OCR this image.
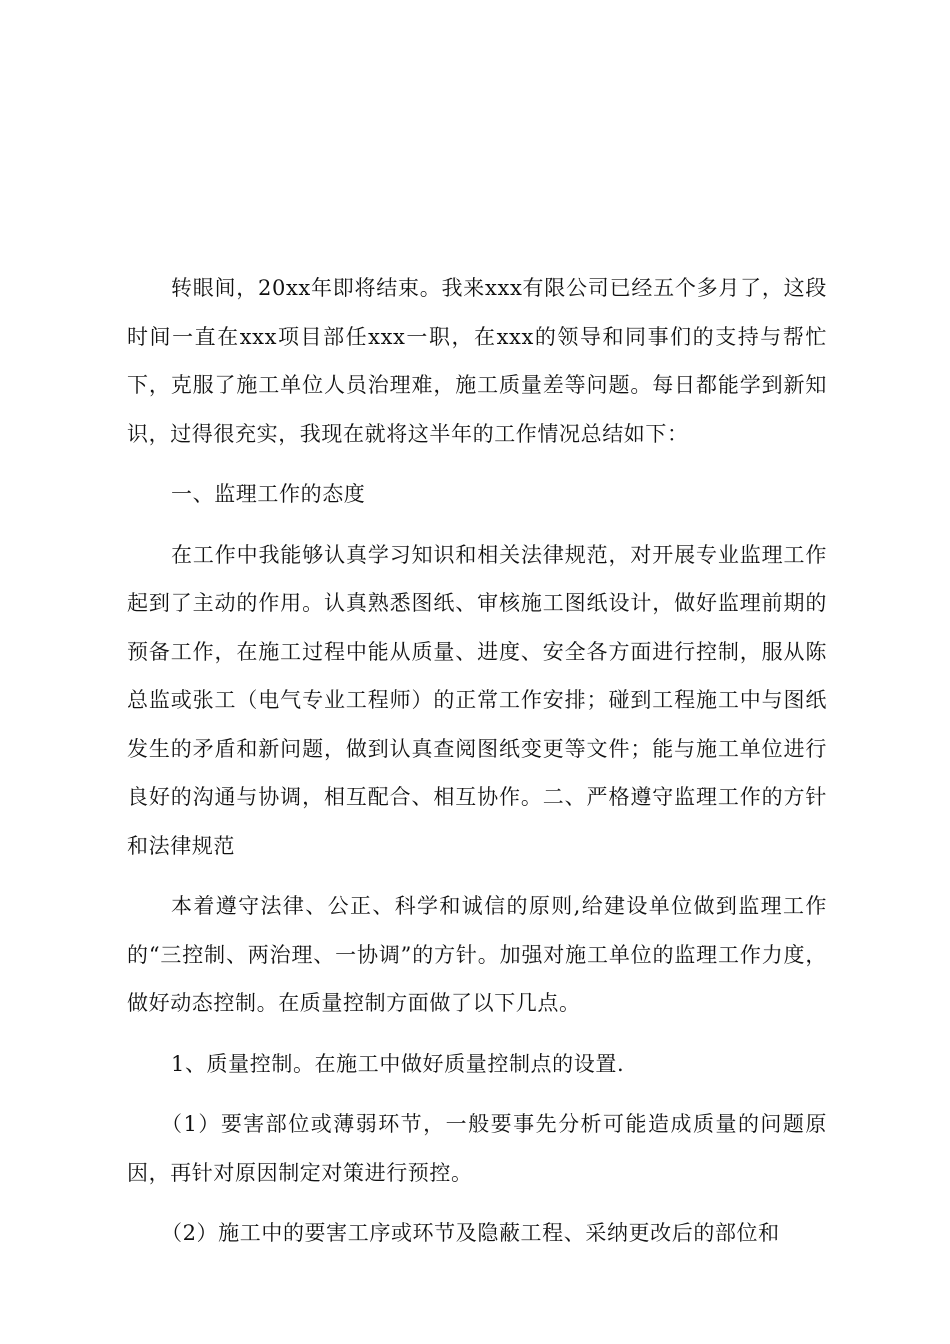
转眼间，20xx年即将结束。我来xxx有限公司已经五个多月了，这段时间一直在xxx项目部任xxx一职，在xxx的领导和同事们的支持与帮忙下，克服了施工单位人员治理难，施工质量差等问题。每日都能学到新知识，过得很充实，我现在就将这半年的工作情况总结如下：

一、监理工作的态度

在工作中我能够认真学习知识和相关法律规范，对开展专业监理工作起到了主动的作用。认真熟悉图纸、审核施工图纸设计，做好监理前期的预备工作，在施工过程中能从质量、进度、安全各方面进行控制，服从陈总监或张工（电气专业工程师）的正常工作安排；碰到工程施工中与图纸发生的矛盾和新问题，做到认真查阅图纸变更等文件；能与施工单位进行良好的沟通与协调，相互配合、相互协作。二、严格遵守监理工作的方针和法律规范

本着遵守法律、公正、科学和诚信的原则,给建设单位做到监理工作的“三控制、两治理、一协调”的方针。加强对施工单位的监理工作力度，做好动态控制。在质量控制方面做了以下几点。

1、质量控制。在施工中做好质量控制点的设置.

（1）要害部位或薄弱环节，一般要事先分析可能造成质量的问题原因，再针对原因制定对策进行预控。

（2）施工中的要害工序或环节及隐蔽工程、采纳更改后的部位和
